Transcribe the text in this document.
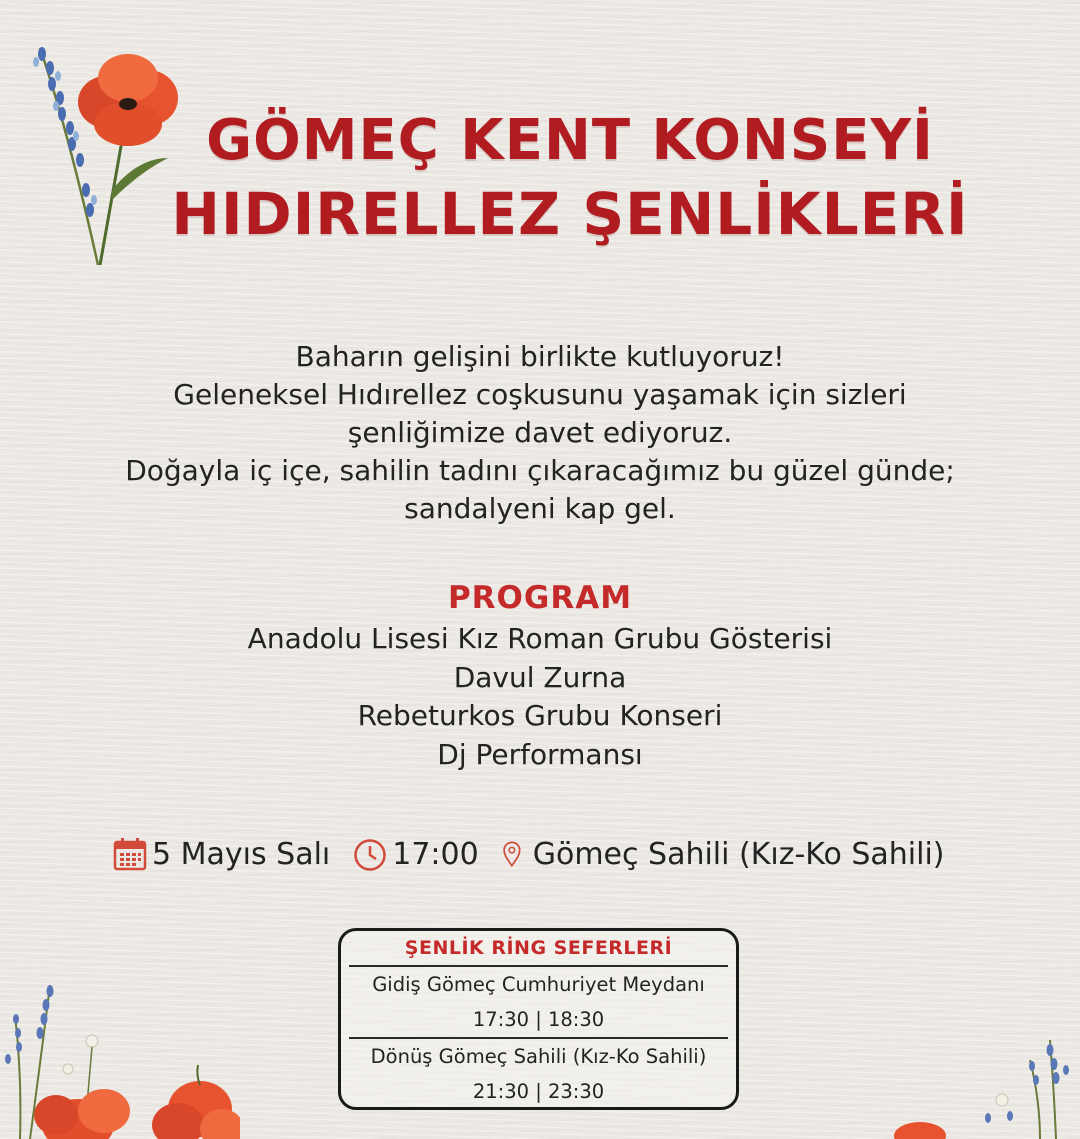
GÖMEÇ KENT KONSEYİ
HIDIRELLEZ ŞENLİKLERİ
Baharın gelişini birlikte kutluyoruz!
Geleneksel Hıdırellez coşkusunu yaşamak için sizleri
şenliğimize davet ediyoruz.
Doğayla iç içe, sahilin tadını çıkaracağımız bu güzel günde;
sandalyeni kap gel.
PROGRAM
Anadolu Lisesi Kız Roman Grubu Gösterisi
Davul Zurna
Rebeturkos Grubu Konseri
Dj Performansı
5 Mayıs Salı 17:00 Gömeç Sahili (Kız-Ko Sahili)
ŞENLİK RİNG SEFERLERİ
Gidiş Gömeç Cumhuriyet Meydanı
17:30 | 18:30
Dönüş Gömeç Sahili (Kız-Ko Sahili)
21:30 | 23:30
